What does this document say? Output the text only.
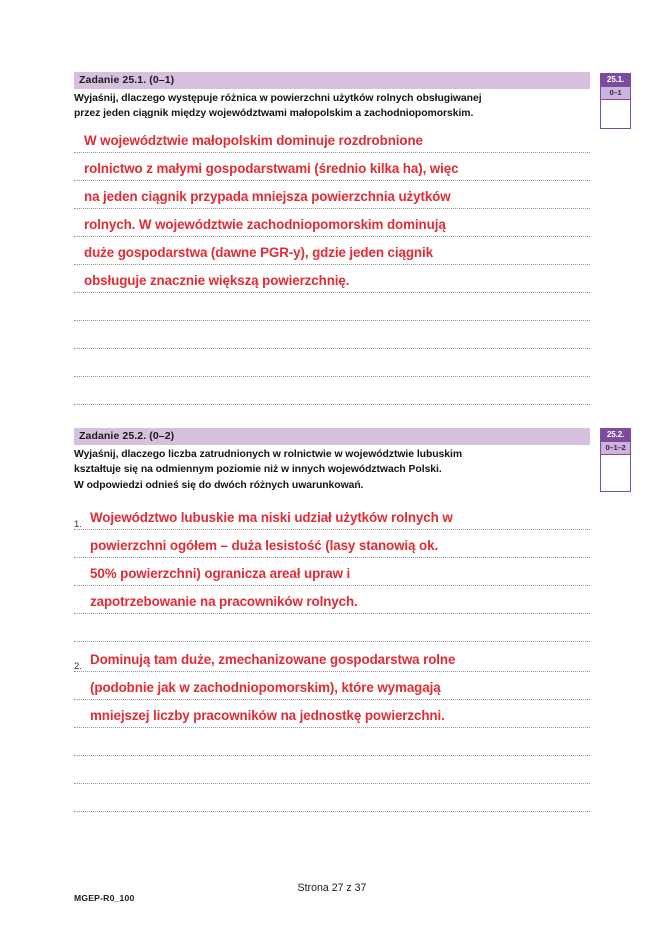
Zadanie 25.1. (0–1)
Wyjaśnij, dlaczego występuje różnica w powierzchni użytków rolnych obsługiwanej
przez jeden ciągnik między województwami małopolskim a zachodniopomorskim.
W województwie małopolskim dominuje rozdrobnione
rolnictwo z małymi gospodarstwami (średnio kilka ha), więc
na jeden ciągnik przypada mniejsza powierzchnia użytków
rolnych. W województwie zachodniopomorskim dominują
duże gospodarstwa (dawne PGR-y), gdzie jeden ciągnik
obsługuje znacznie większą powierzchnię.
25.1.
0–1
Zadanie 25.2. (0–2)
Wyjaśnij, dlaczego liczba zatrudnionych w rolnictwie w województwie lubuskim
kształtuje się na odmiennym poziomie niż w innych województwach Polski.
W odpowiedzi odnieś się do dwóch różnych uwarunkowań.
1. Województwo lubuskie ma niski udział użytków rolnych w
powierzchni ogółem – duża lesistość (lasy stanowią ok.
50% powierzchni) ogranicza areał upraw i
zapotrzebowanie na pracowników rolnych.
2. Dominują tam duże, zmechanizowane gospodarstwa rolne
(podobnie jak w zachodniopomorskim), które wymagają
mniejszej liczby pracowników na jednostkę powierzchni.
25.2.
0–1–2
MGEP-R0_100
Strona 27 z 37
